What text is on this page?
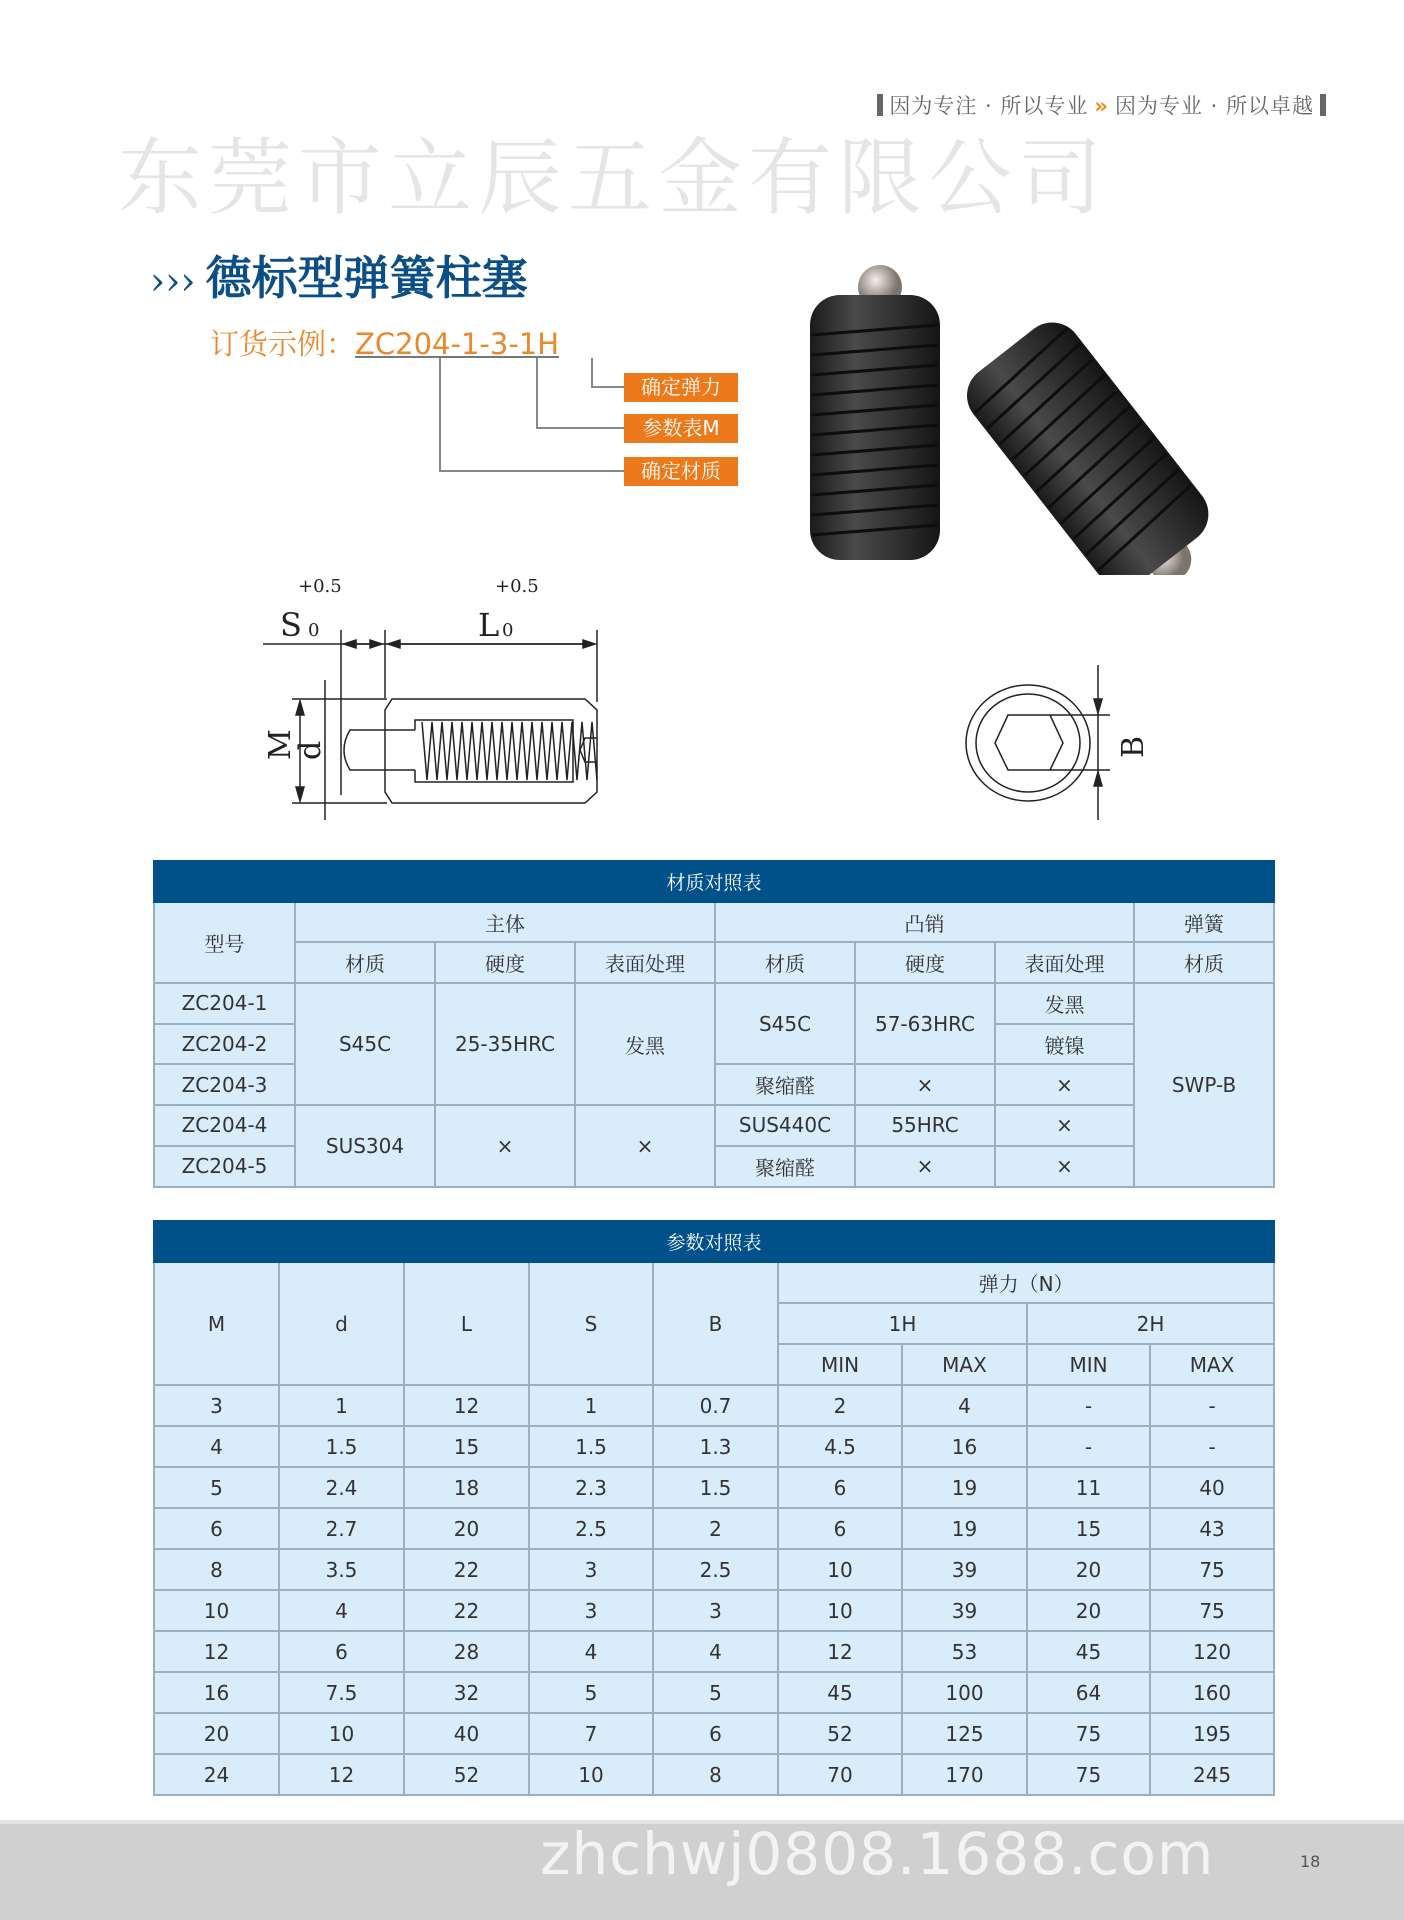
因为专注 · 所以专业 » 因为专业 · 所以卓越
东莞市立辰五金有限公司
››› 德标型弹簧柱塞
订货示例：ZC204-1-3-1H
确定弹力
参数表M
确定材质
+0.5	+0.5
S 0	L 0
M
d	B
材质对照表							
型号	主体			凸销			弹簧
	材质	硬度	表面处理	材质	硬度	表面处理	材质
ZC204-1	S45C	25-35HRC	发黑	S45C	57-63HRC	发黑	SWP-B
ZC204-2						镀镍	
ZC204-3				聚缩醛	×	×	
ZC204-4	SUS304	×	×	SUS440C	55HRC	×	
ZC204-5				聚缩醛	×	×	
参数对照表								
M	d	L	S	B	弹力（N）			
					1H		2H	
					MIN	MAX	MIN	MAX
3	1	12	1	0.7	2	4	-	-
4	1.5	15	1.5	1.3	4.5	16	-	-
5	2.4	18	2.3	1.5	6	19	11	40
6	2.7	20	2.5	2	6	19	15	43
8	3.5	22	3	2.5	10	39	20	75
10	4	22	3	3	10	39	20	75
12	6	28	4	4	12	53	45	120
16	7.5	32	5	5	45	100	64	160
20	10	40	7	6	52	125	75	195
24	12	52	10	8	70	170	75	245
zhchwj0808.1688.com	18
